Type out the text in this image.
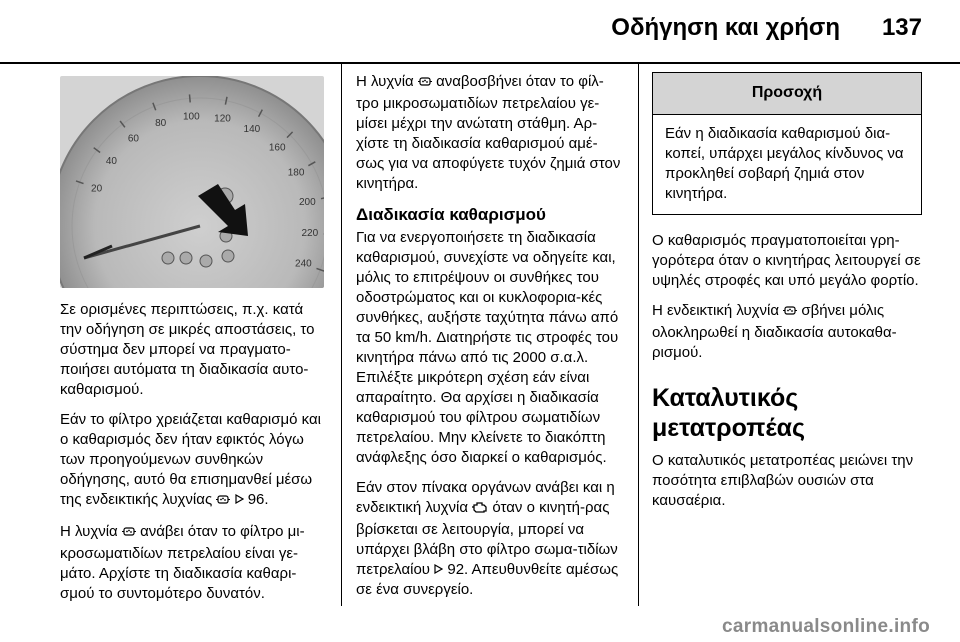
Οδήγηση και χρήση 137
20
40
60
80
100 120
140
160
180
200
220
240

Σε ορισμένες περιπτώσεις, π.χ. κατά την οδήγηση σε μικρές αποστάσεις, το σύστημα δεν μπορεί να πραγματο-ποιήσει αυτόματα τη διαδικασία αυτο-καθαρισμού.

Εάν το φίλτρο χρειάζεται καθαρισμό και ο καθαρισμός δεν ήταν εφικτός λόγω των προηγούμενων συνθηκών οδήγησης, αυτό θα επισημανθεί μέσω της ενδεικτικής λυχνίας 96.

Η λυχνία ανάβει όταν το φίλτρο μι-κροσωματιδίων πετρελαίου είναι γε-μάτο. Αρχίστε τη διαδικασία καθαρι-σμού το συντομότερο δυνατόν.

Η λυχνία αναβοσβήνει όταν το φίλ-τρο μικροσωματιδίων πετρελαίου γε-μίσει μέχρι την ανώτατη στάθμη. Αρ-χίστε τη διαδικασία καθαρισμού αμέ-σως για να αποφύγετε τυχόν ζημιά στον κινητήρα.

Διαδικασία καθαρισμού

Για να ενεργοποιήσετε τη διαδικασία καθαρισμού, συνεχίστε να οδηγείτε και, μόλις το επιτρέψουν οι συνθήκες του οδοστρώματος και οι κυκλοφορια-κές συνθήκες, αυξήστε ταχύτητα πάνω από τα 50 km/h. Διατηρήστε τις στροφές του κινητήρα πάνω από τις 2000 σ.α.λ. Επιλέξτε μικρότερη σχέση εάν είναι απαραίτητο. Θα αρχίσει η διαδικασία καθαρισμού του φίλτρου σωματιδίων πετρελαίου. Μην κλείνετε το διακόπτη ανάφλεξης όσο διαρκεί ο καθαρισμός.

Εάν στον πίνακα οργάνων ανάβει και η ενδεικτική λυχνία όταν ο κινητή-ρας βρίσκεται σε λειτουργία, μπορεί να υπάρχει βλάβη στο φίλτρο σωμα-τιδίων πετρελαίου 92. Απευθυνθείτε αμέσως σε ένα συνεργείο.

Προσοχή
Εάν η διαδικασία καθαρισμού δια-κοπεί, υπάρχει μεγάλος κίνδυνος να προκληθεί σοβαρή ζημιά στον κινητήρα.

Ο καθαρισμός πραγματοποιείται γρη-γορότερα όταν ο κινητήρας λειτουργεί σε υψηλές στροφές και υπό μεγάλο φορτίο.

Η ενδεικτική λυχνία σβήνει μόλις ολοκληρωθεί η διαδικασία αυτοκαθα-ρισμού.

Καταλυτικός μετατροπέας

Ο καταλυτικός μετατροπέας μειώνει την ποσότητα επιβλαβών ουσιών στα καυσαέρια.

carmanualsonline.info
